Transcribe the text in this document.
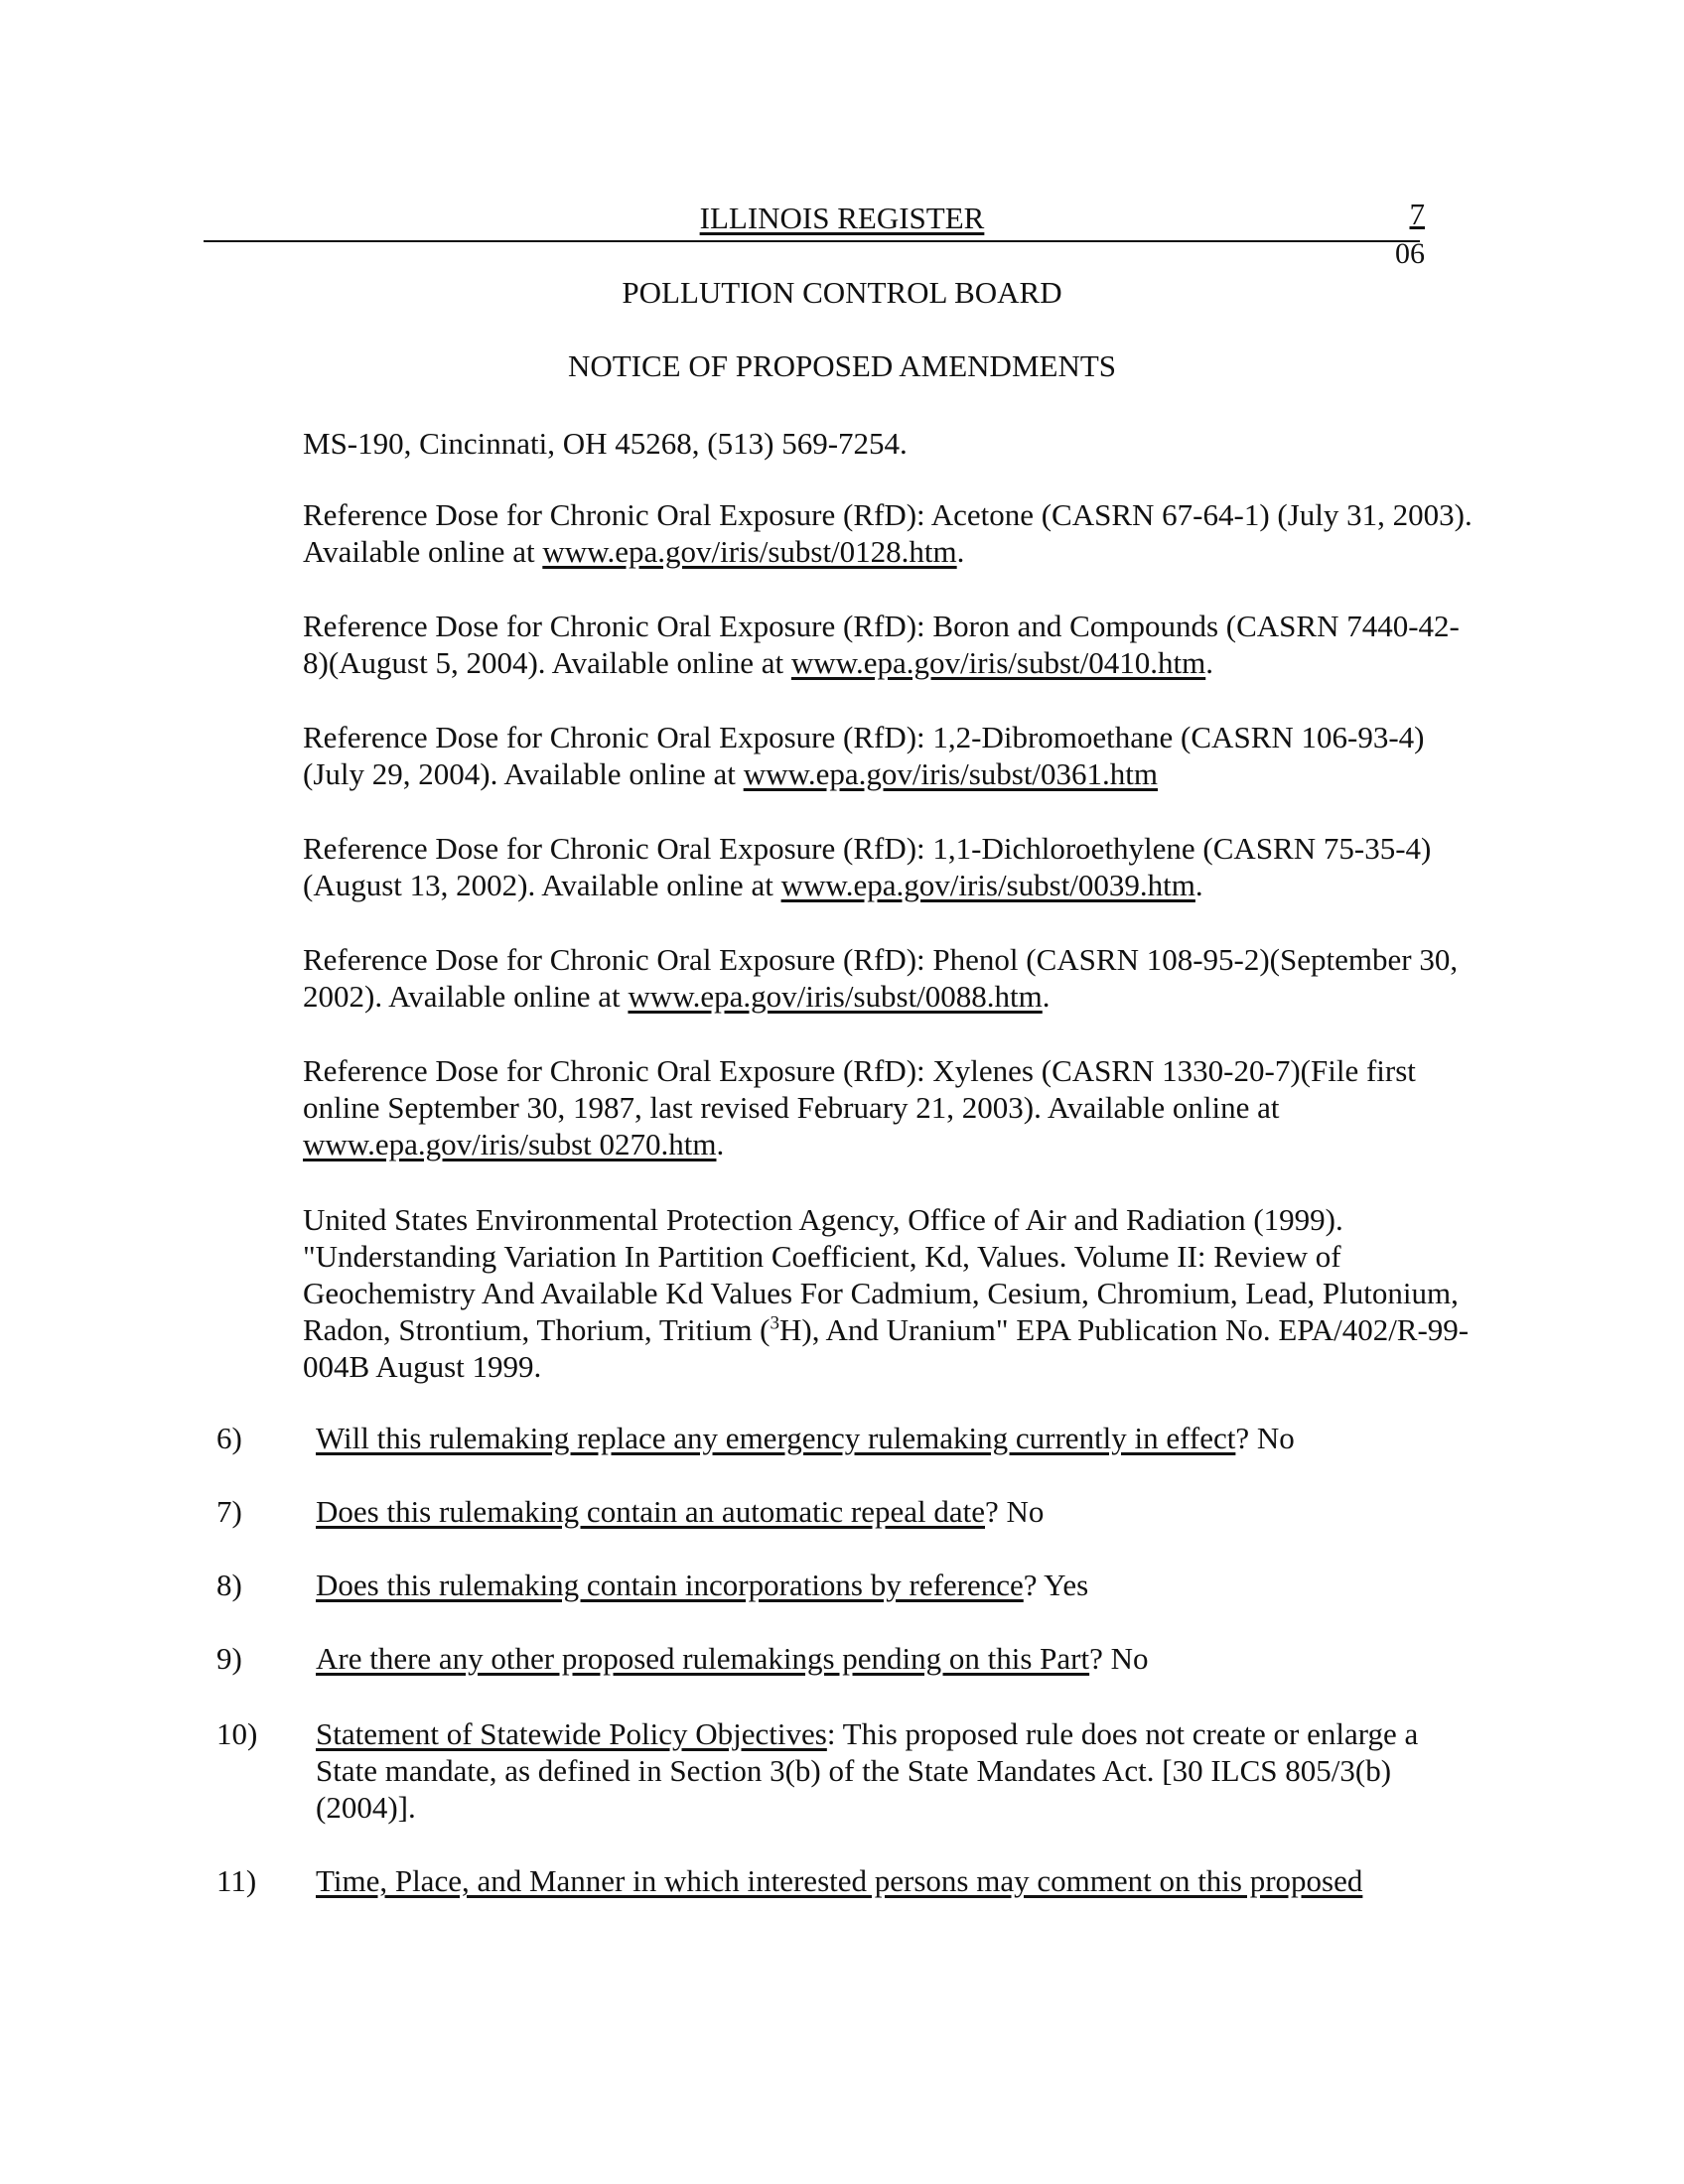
ILLINOIS REGISTER	7
06
POLLUTION CONTROL BOARD
NOTICE OF PROPOSED AMENDMENTS
MS-190, Cincinnati, OH 45268, (513) 569-7254.
Reference Dose for Chronic Oral Exposure (RfD): Acetone (CASRN 67-64-1) (July 31, 2003). Available online at www.epa.gov/iris/subst/0128.htm.
Reference Dose for Chronic Oral Exposure (RfD): Boron and Compounds (CASRN 7440-42-8)(August 5, 2004). Available online at www.epa.gov/iris/subst/0410.htm.
Reference Dose for Chronic Oral Exposure (RfD): 1,2-Dibromoethane (CASRN 106-93-4)(July 29, 2004). Available online at www.epa.gov/iris/subst/0361.htm
Reference Dose for Chronic Oral Exposure (RfD): 1,1-Dichloroethylene (CASRN 75-35-4)(August 13, 2002). Available online at www.epa.gov/iris/subst/0039.htm.
Reference Dose for Chronic Oral Exposure (RfD): Phenol (CASRN 108-95-2)(September 30, 2002). Available online at www.epa.gov/iris/subst/0088.htm.
Reference Dose for Chronic Oral Exposure (RfD): Xylenes (CASRN 1330-20-7)(File first online September 30, 1987, last revised February 21, 2003). Available online at www.epa.gov/iris/subst 0270.htm.
United States Environmental Protection Agency, Office of Air and Radiation (1999). "Understanding Variation In Partition Coefficient, Kd, Values. Volume II: Review of Geochemistry And Available Kd Values For Cadmium, Cesium, Chromium, Lead, Plutonium, Radon, Strontium, Thorium, Tritium ($^3$H), And Uranium" EPA Publication No. EPA/402/R-99-004B August 1999.
6)	Will this rulemaking replace any emergency rulemaking currently in effect? No
7)	Does this rulemaking contain an automatic repeal date? No
8)	Does this rulemaking contain incorporations by reference? Yes
9)	Are there any other proposed rulemakings pending on this Part? No
10)	Statement of Statewide Policy Objectives: This proposed rule does not create or enlarge a State mandate, as defined in Section 3(b) of the State Mandates Act. [30 ILCS 805/3(b) (2004)].
11)	Time, Place, and Manner in which interested persons may comment on this proposed
